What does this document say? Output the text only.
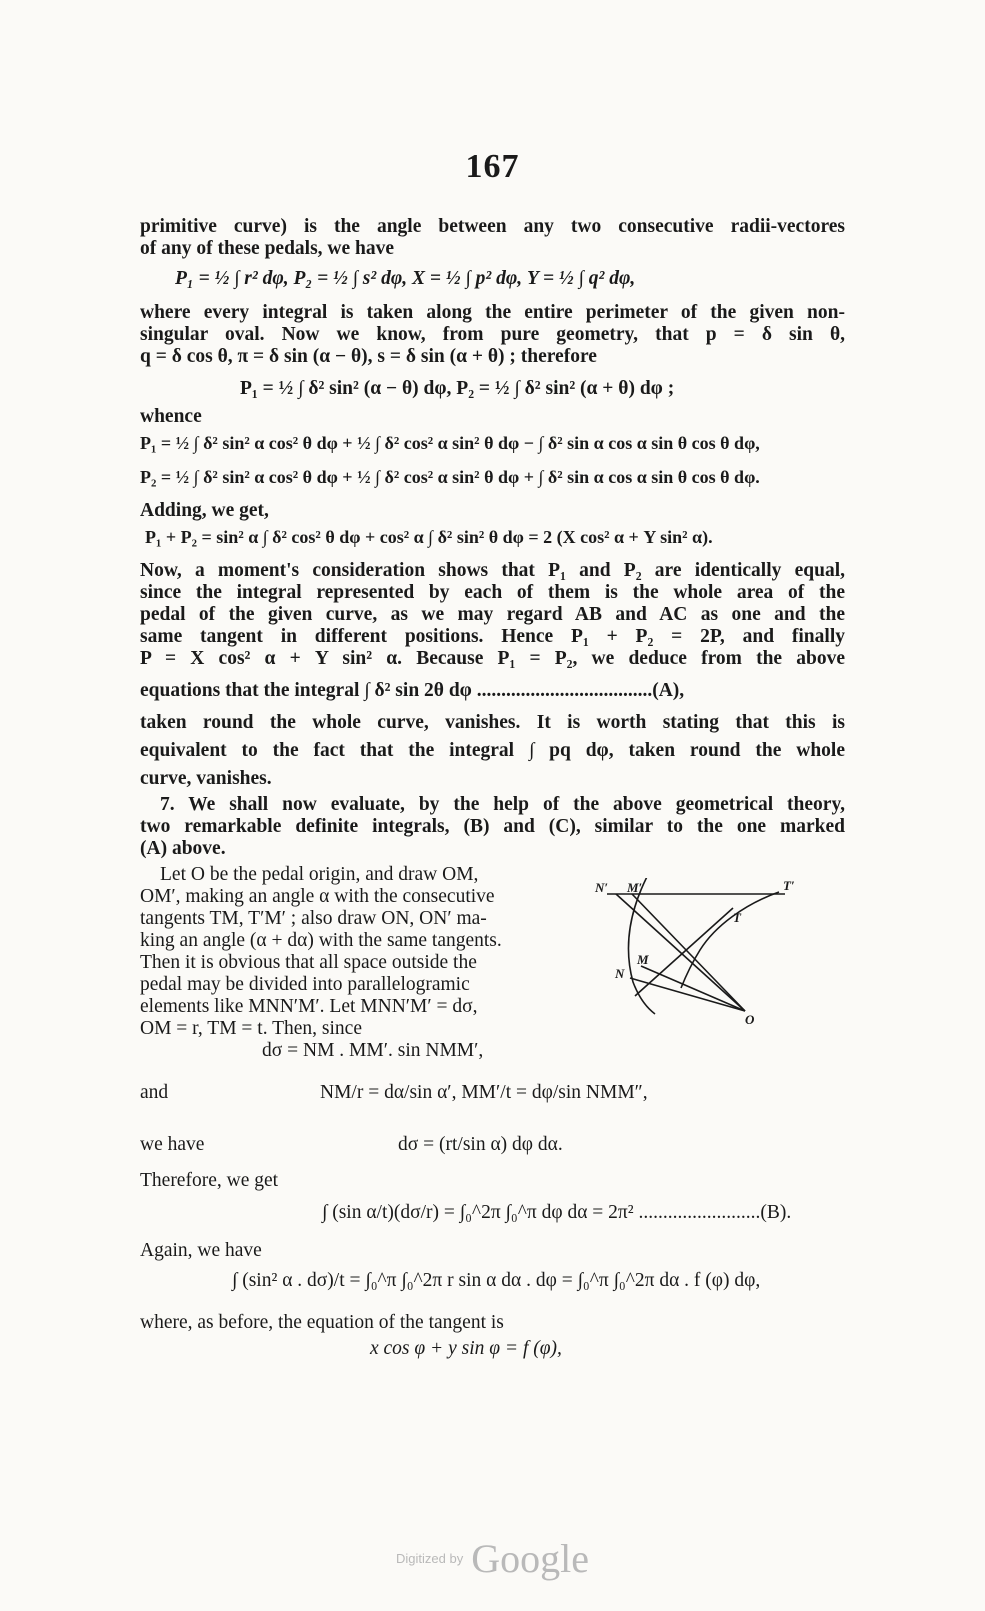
167
primitive curve) is the angle between any two consecutive radii-vectores
of any of these pedals, we have
P₁ = ½ ∫ r² dφ, P₂ = ½ ∫ s² dφ, X = ½ ∫ p² dφ, Y = ½ ∫ q² dφ,
where every integral is taken along the entire perimeter of the given non-
singular oval. Now we know, from pure geometry, that p = δ sin θ,
q = δ cos θ, π = δ sin (α − θ), s = δ sin (α + θ) ; therefore
P₁ = ½ ∫ δ² sin² (α − θ) dφ, P₂ = ½ ∫ δ² sin² (α + θ) dφ ;
whence
P₁ = ½ ∫ δ² sin² α cos² θ dφ + ½ ∫ δ² cos² α sin² θ dφ − ∫ δ² sin α cos α sin θ cos θ dφ,
P₂ = ½ ∫ δ² sin² α cos² θ dφ + ½ ∫ δ² cos² α sin² θ dφ + ∫ δ² sin α cos α sin θ cos θ dφ.
Adding, we get,
P₁ + P₂ = sin² α ∫ δ² cos² θ dφ + cos² α ∫ δ² sin² θ dφ = 2 (X cos² α + Y sin² α).
Now, a moment's consideration shows that P₁ and P₂ are identically equal,
since the integral represented by each of them is the whole area of the
pedal of the given curve, as we may regard AB and AC as one and the
same tangent in different positions. Hence P₁ + P₂ = 2P, and finally
P = X cos² α + Y sin² α. Because P₁ = P₂, we deduce from the above
equations that the integral ∫ δ² sin 2θ dφ ....................................(A),
taken round the whole curve, vanishes. It is worth stating that this is
equivalent to the fact that the integral ∫ pq dφ, taken round the whole
curve, vanishes.
7. We shall now evaluate, by the help of the above geometrical theory,
two remarkable definite integrals, (B) and (C), similar to the one marked
(A) above.
Let O be the pedal origin, and draw OM,
OM′, making an angle α with the consecutive
tangents TM, T′M′ ; also draw ON, ON′ ma-
king an angle (α + dα) with the same tangents.
Then it is obvious that all space outside the
pedal may be divided into parallelogramic
elements like MNN′M′. Let MNN′M′ = dσ,
OM = r, TM = t. Then, since
N′ M′	T′
T
M
N
O
dσ = NM . MM′. sin NMM′,
and	NM/r = dα/sin α′, MM′/t = dφ/sin NMM″,
we have	dσ = (rt/sin α) dφ dα.
Therefore, we get
∫ (sin α/t)(dσ/r) = ∫₀^2π ∫₀^π dφ dα = 2π² .........................(B).
Again, we have
∫ (sin² α . dσ)/t = ∫₀^π ∫₀^2π r sin α dα . dφ = ∫₀^π ∫₀^2π dα . f (φ) dφ,
where, as before, the equation of the tangent is
x cos φ + y sin φ = f (φ),
Digitized by Google
